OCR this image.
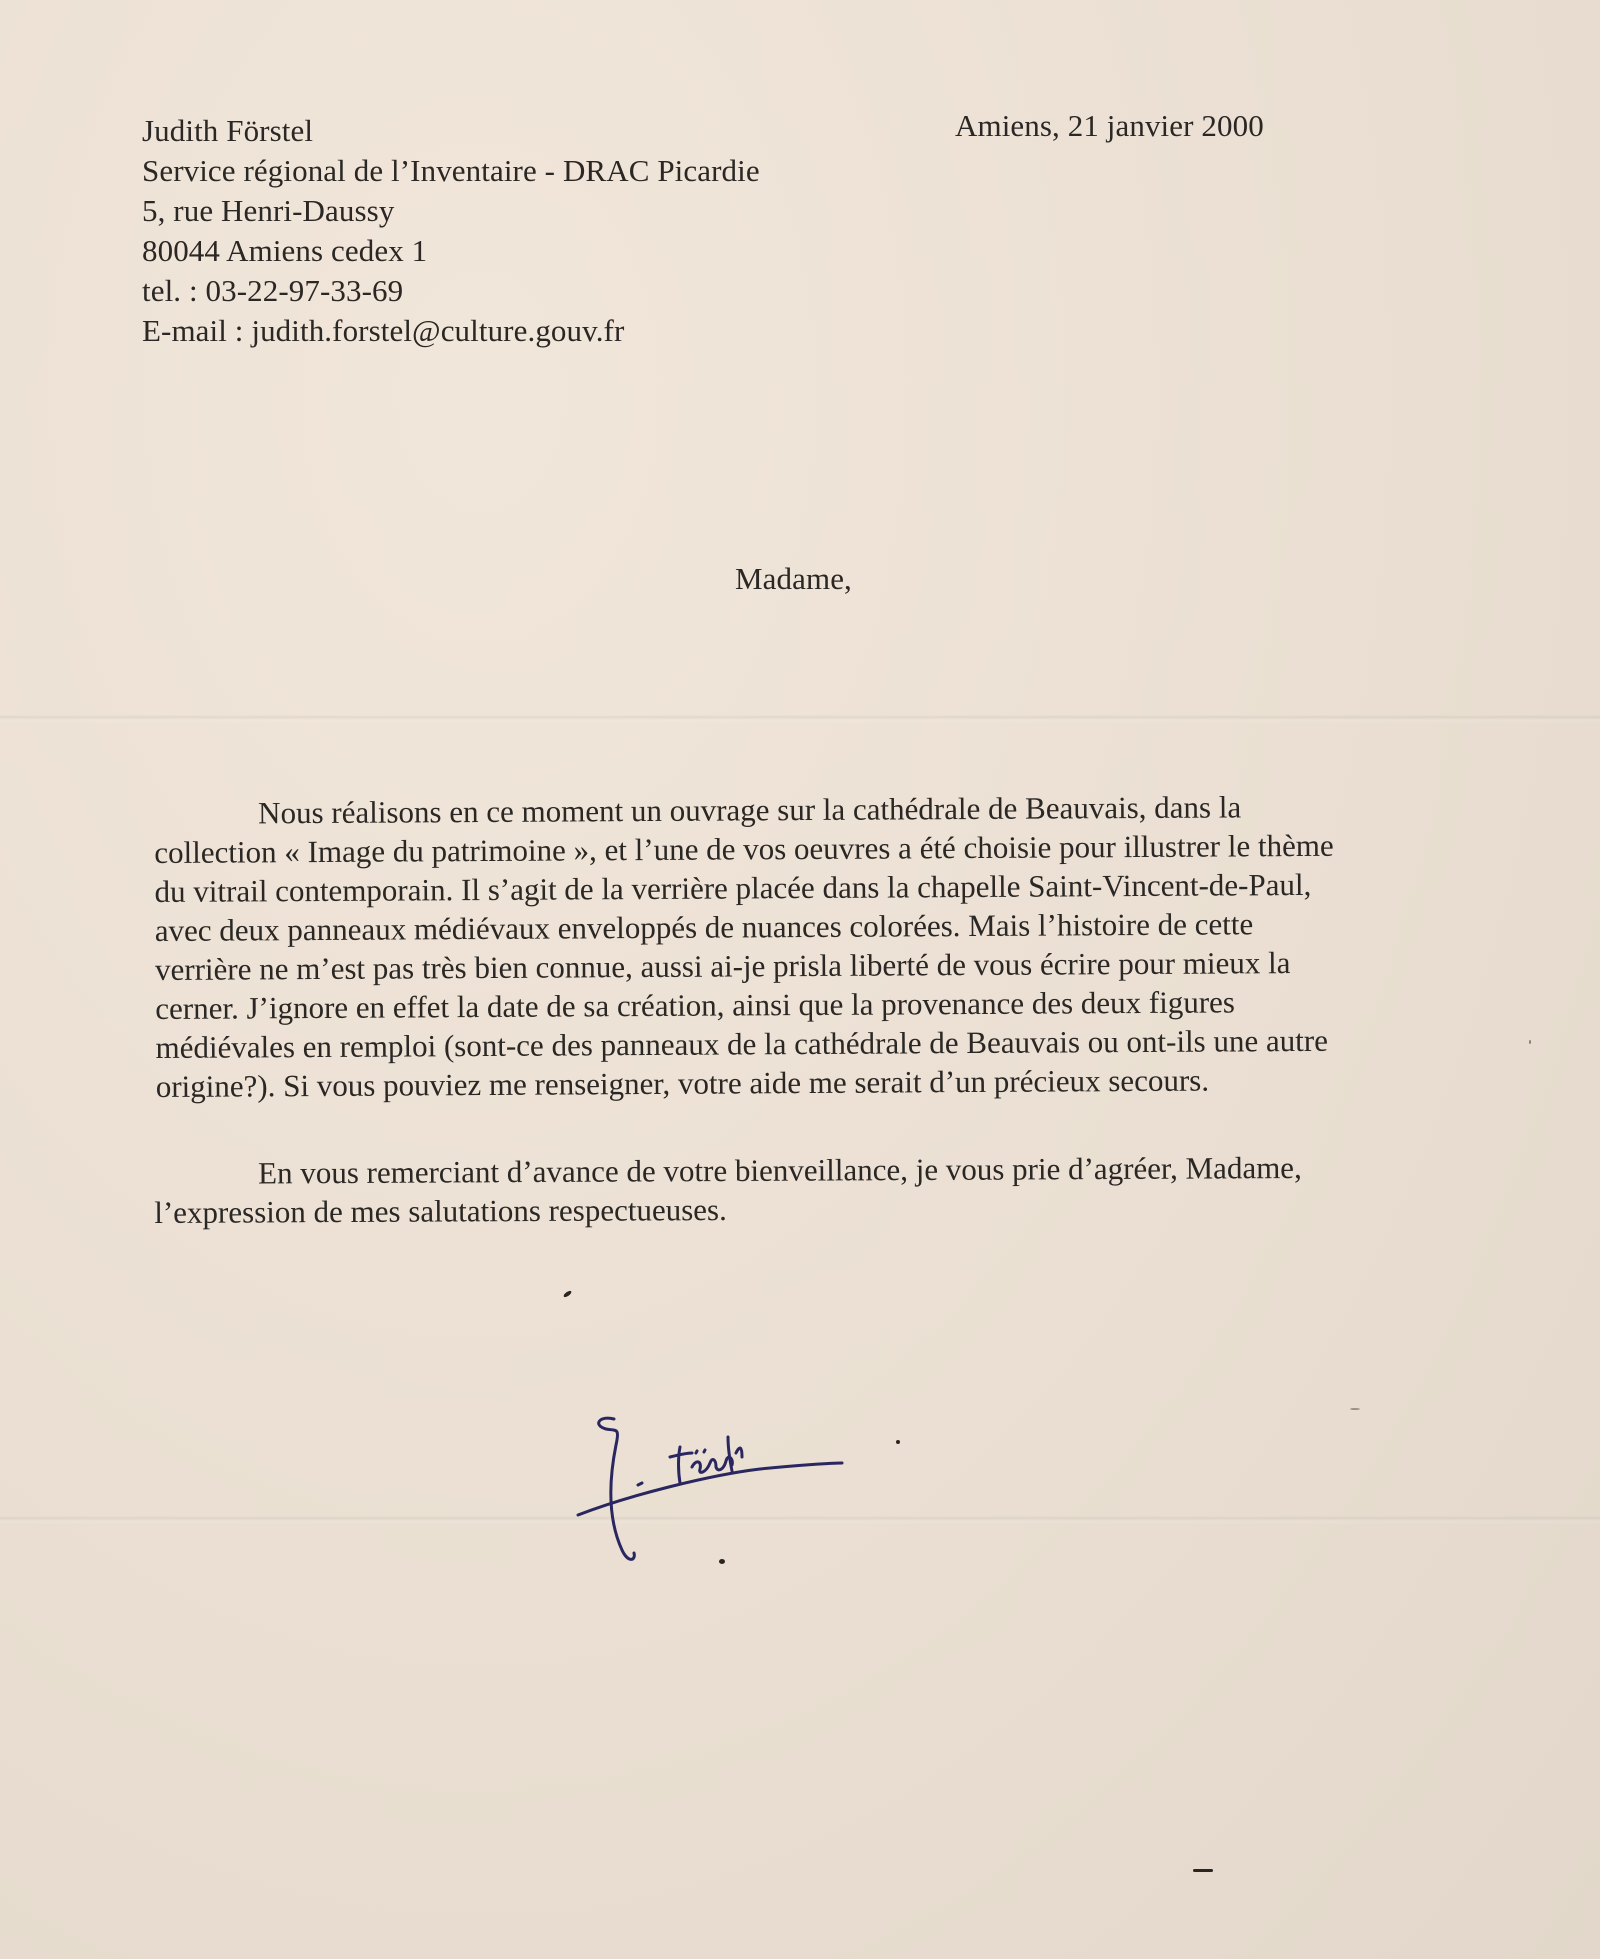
Judith Förstel
Service régional de l’Inventaire - DRAC Picardie
5, rue Henri-Daussy
80044 Amiens cedex 1
tel. : 03-22-97-33-69
E-mail : judith.forstel@culture.gouv.fr
Amiens, 21 janvier 2000
Madame,
Nous réalisons en ce moment un ouvrage sur la cathédrale de Beauvais, dans la
collection « Image du patrimoine », et l’une de vos oeuvres a été choisie pour illustrer le thème
du vitrail contemporain. Il s’agit de la verrière placée dans la chapelle Saint-Vincent-de-Paul,
avec deux panneaux médiévaux enveloppés de nuances colorées. Mais l’histoire de cette
verrière ne m’est pas très bien connue, aussi ai-je prisla liberté de vous écrire pour mieux la
cerner. J’ignore en effet la date de sa création, ainsi que la provenance des deux figures
médiévales en remploi (sont-ce des panneaux de la cathédrale de Beauvais ou ont-ils une autre
origine?). Si vous pouviez me renseigner, votre aide me serait d’un précieux secours.
En vous remerciant d’avance de votre bienveillance, je vous prie d’agréer, Madame,
l’expression de mes salutations respectueuses.
